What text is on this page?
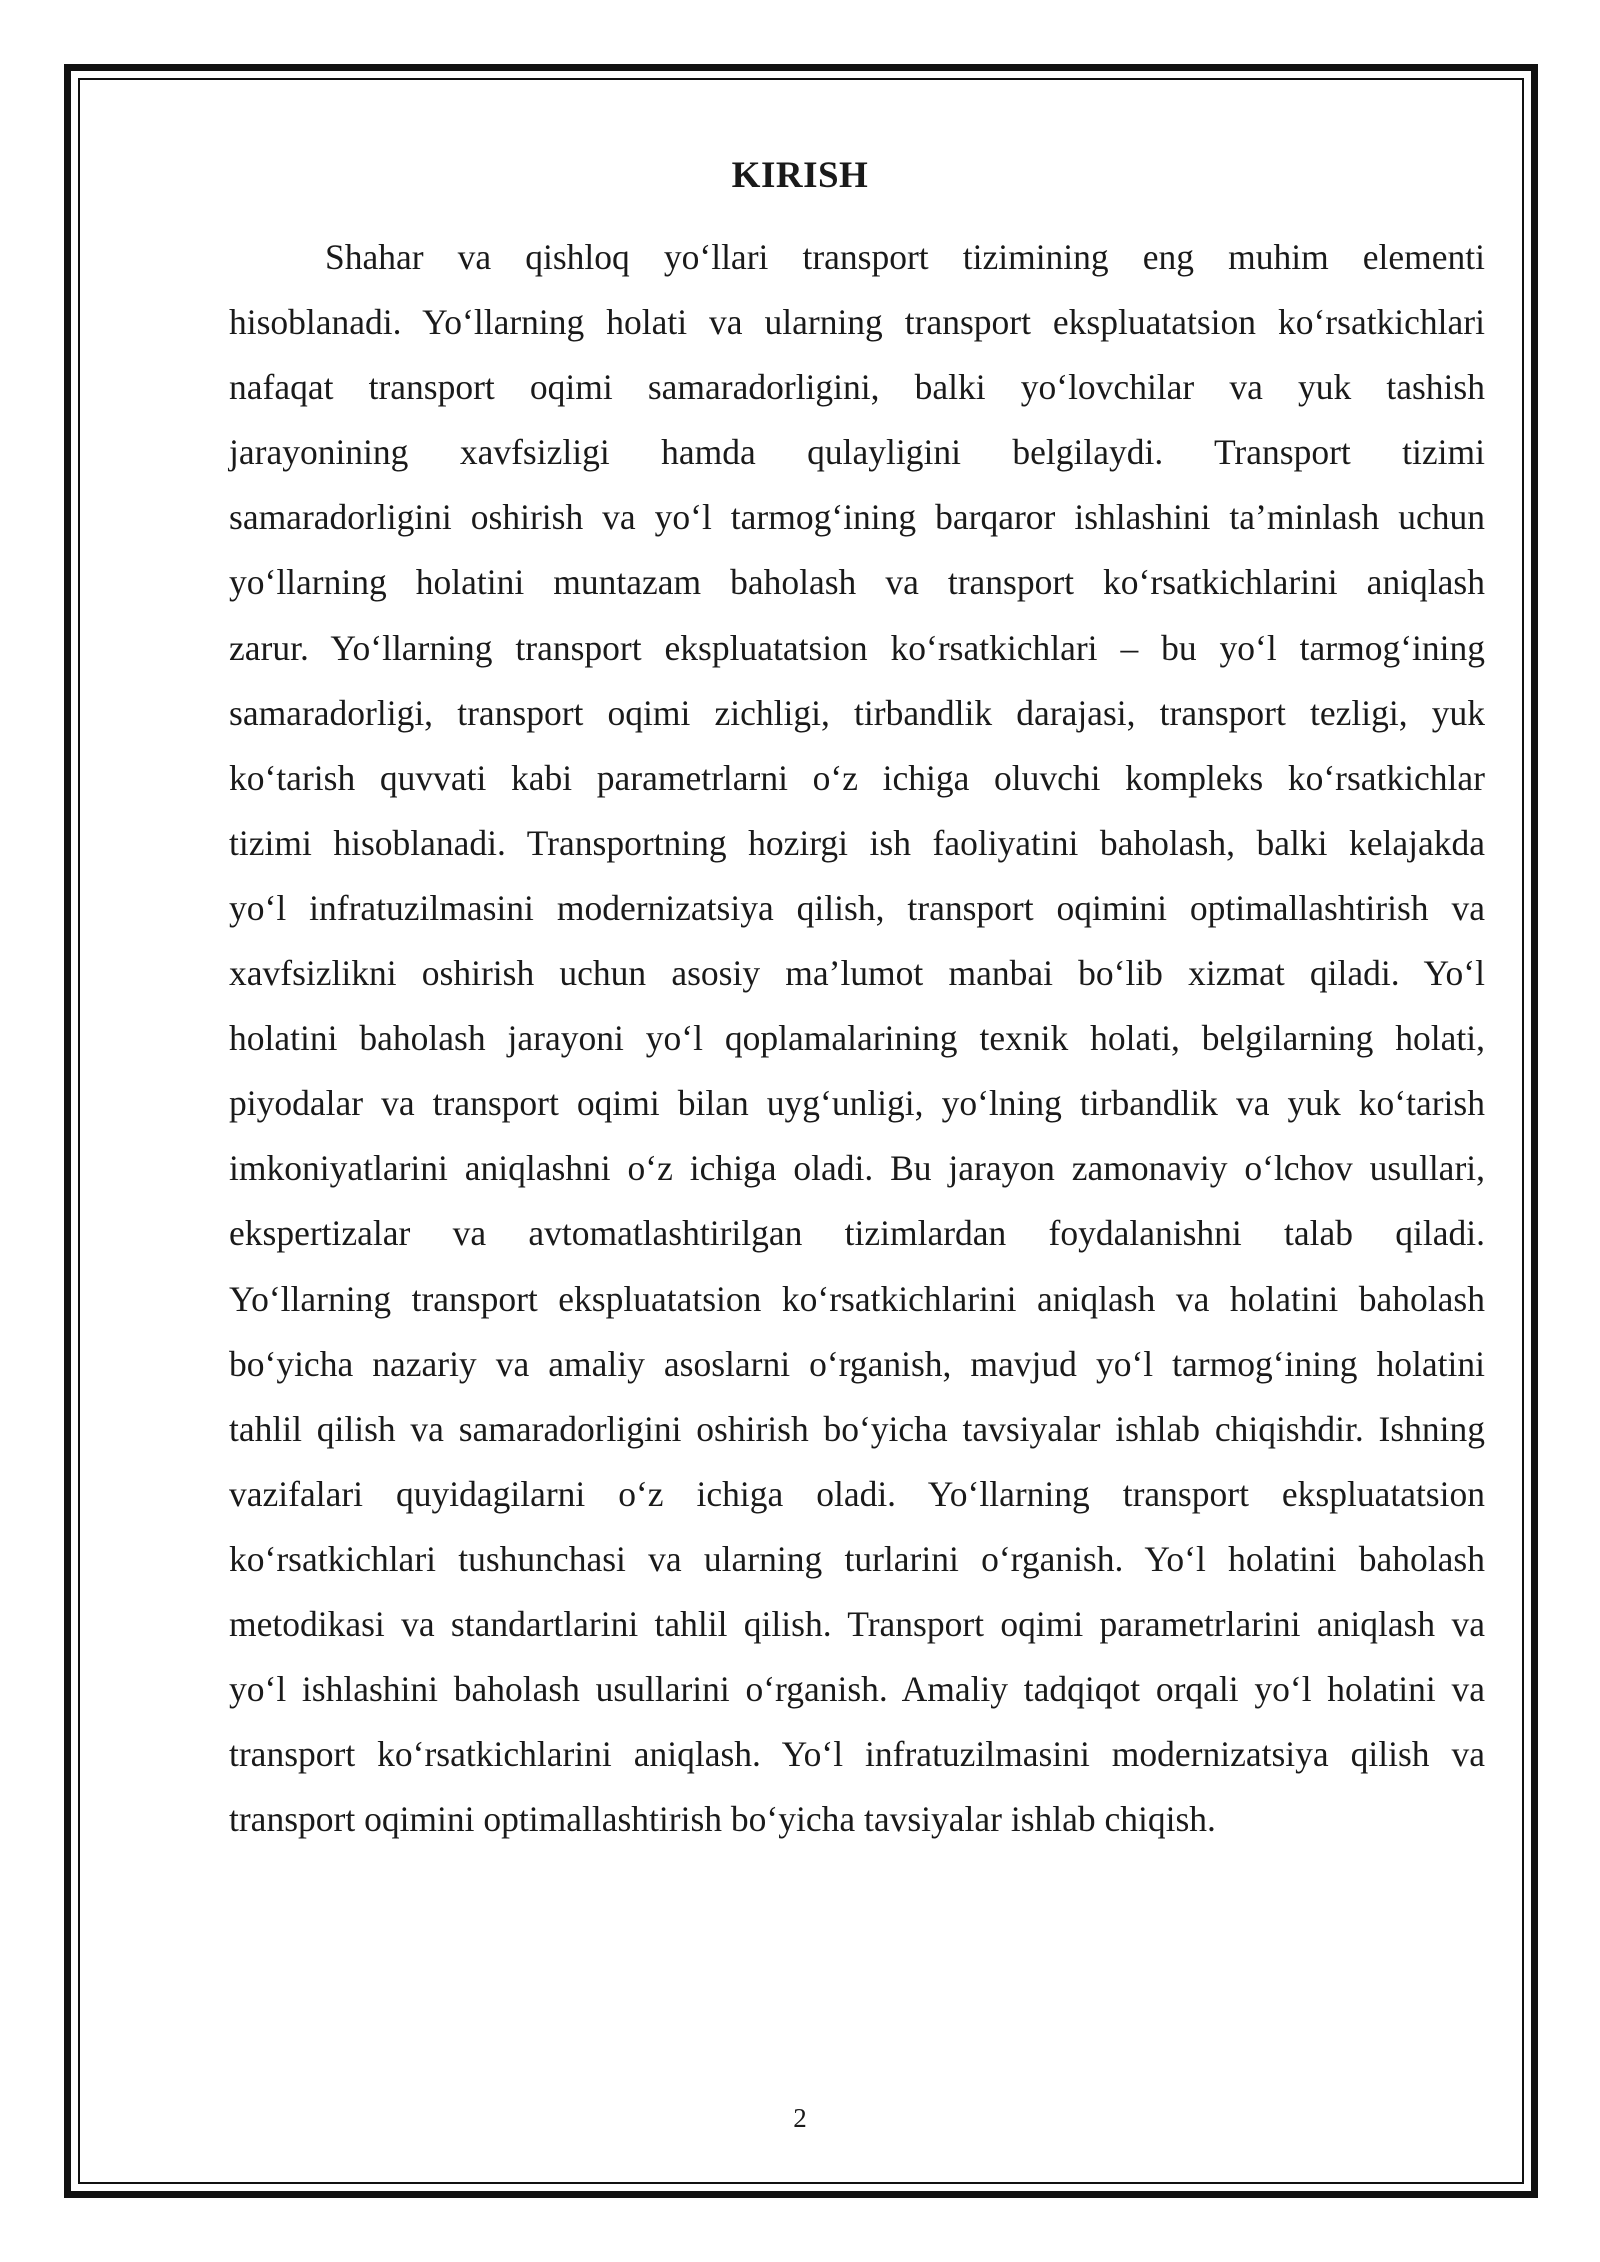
KIRISH
Shahar va qishloq yo‘llari transport tizimining eng muhim elementi
hisoblanadi. Yo‘llarning holati va ularning transport ekspluatatsion ko‘rsatkichlari
nafaqat transport oqimi samaradorligini, balki yo‘lovchilar va yuk tashish
jarayonining xavfsizligi hamda qulayligini belgilaydi. Transport tizimi
samaradorligini oshirish va yo‘l tarmog‘ining barqaror ishlashini ta’minlash uchun
yo‘llarning holatini muntazam baholash va transport ko‘rsatkichlarini aniqlash
zarur. Yo‘llarning transport ekspluatatsion ko‘rsatkichlari – bu yo‘l tarmog‘ining
samaradorligi, transport oqimi zichligi, tirbandlik darajasi, transport tezligi, yuk
ko‘tarish quvvati kabi parametrlarni o‘z ichiga oluvchi kompleks ko‘rsatkichlar
tizimi hisoblanadi. Transportning hozirgi ish faoliyatini baholash, balki kelajakda
yo‘l infratuzilmasini modernizatsiya qilish, transport oqimini optimallashtirish va
xavfsizlikni oshirish uchun asosiy ma’lumot manbai bo‘lib xizmat qiladi. Yo‘l
holatini baholash jarayoni yo‘l qoplamalarining texnik holati, belgilarning holati,
piyodalar va transport oqimi bilan uyg‘unligi, yo‘lning tirbandlik va yuk ko‘tarish
imkoniyatlarini aniqlashni o‘z ichiga oladi. Bu jarayon zamonaviy o‘lchov usullari,
ekspertizalar va avtomatlashtirilgan tizimlardan foydalanishni talab qiladi.
Yo‘llarning transport ekspluatatsion ko‘rsatkichlarini aniqlash va holatini baholash
bo‘yicha nazariy va amaliy asoslarni o‘rganish, mavjud yo‘l tarmog‘ining holatini
tahlil qilish va samaradorligini oshirish bo‘yicha tavsiyalar ishlab chiqishdir. Ishning
vazifalari quyidagilarni o‘z ichiga oladi. Yo‘llarning transport ekspluatatsion
ko‘rsatkichlari tushunchasi va ularning turlarini o‘rganish. Yo‘l holatini baholash
metodikasi va standartlarini tahlil qilish. Transport oqimi parametrlarini aniqlash va
yo‘l ishlashini baholash usullarini o‘rganish. Amaliy tadqiqot orqali yo‘l holatini va
transport ko‘rsatkichlarini aniqlash. Yo‘l infratuzilmasini modernizatsiya qilish va
transport oqimini optimallashtirish bo‘yicha tavsiyalar ishlab chiqish.
2
